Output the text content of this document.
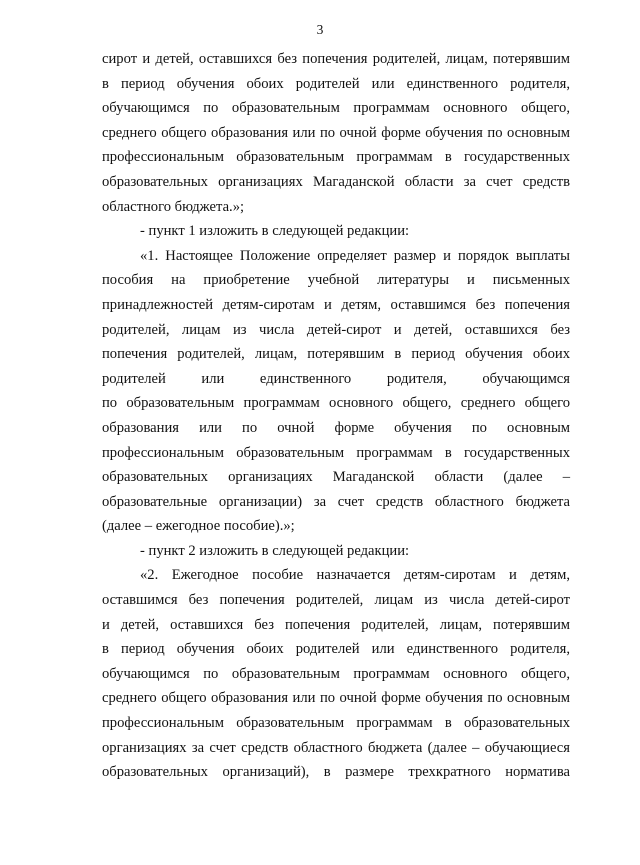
3
сирот и детей, оставшихся без попечения родителей, лицам, потерявшим
в период обучения обоих родителей или единственного родителя,
обучающимся по образовательным программам основного общего,
среднего общего образования или по очной форме обучения по основным
профессиональным образовательным программам в государственных
образовательных организациях Магаданской области за счет средств
областного бюджета.»;
- пункт 1 изложить в следующей редакции:
«1. Настоящее Положение определяет размер и порядок выплаты
пособия на приобретение учебной литературы и письменных
принадлежностей детям-сиротам и детям, оставшимся без попечения
родителей, лицам из числа детей-сирот и детей, оставшихся без
попечения родителей, лицам, потерявшим в период обучения обоих
родителей или единственного родителя, обучающимся
по образовательным программам основного общего, среднего общего
образования или по очной форме обучения по основным
профессиональным образовательным программам в государственных
образовательных организациях Магаданской области (далее –
образовательные организации) за счет средств областного бюджета
(далее – ежегодное пособие).»;
- пункт 2 изложить в следующей редакции:
«2. Ежегодное пособие назначается детям-сиротам и детям,
оставшимся без попечения родителей, лицам из числа детей-сирот
и детей, оставшихся без попечения родителей, лицам, потерявшим
в период обучения обоих родителей или единственного родителя,
обучающимся по образовательным программам основного общего,
среднего общего образования или по очной форме обучения по основным
профессиональным образовательным программам в образовательных
организациях за счет средств областного бюджета (далее – обучающиеся
образовательных организаций), в размере трехкратного норматива
